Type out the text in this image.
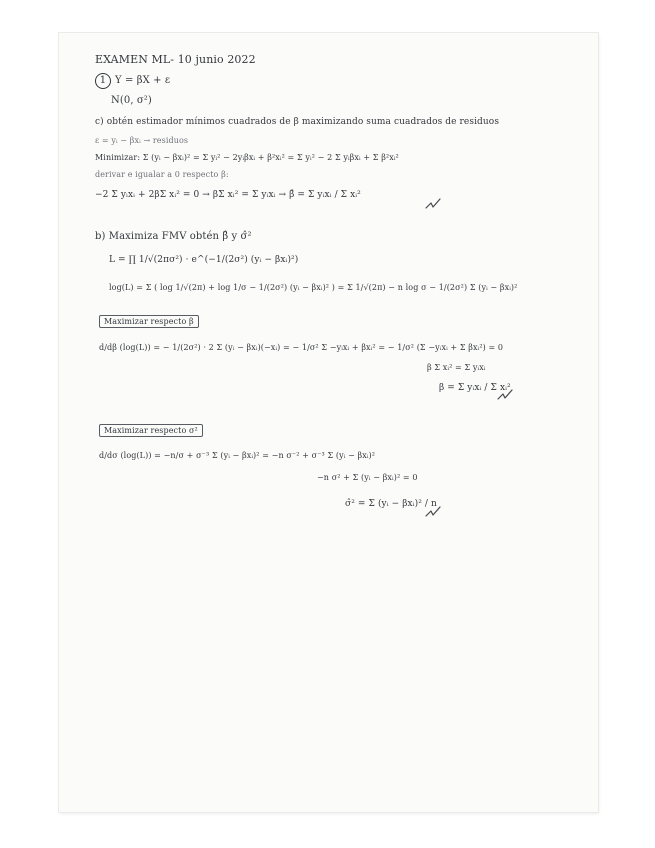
EXAMEN ML- 10 junio 2022
1 Y = βX + ε
N(0, σ²)
c) obtén estimador mínimos cuadrados de β maximizando suma cuadrados de residuos
ε = yᵢ − βxᵢ → residuos
Minimizar: Σ (yᵢ − βxᵢ)² = Σ yᵢ² − 2yᵢβxᵢ + β²xᵢ² = Σ yᵢ² − 2 Σ yᵢβxᵢ + Σ β²xᵢ²
derivar e igualar a 0 respecto β:
−2 Σ yᵢxᵢ + 2βΣ xᵢ² = 0 → βΣ xᵢ² = Σ yᵢxᵢ → β̂ = Σ yᵢxᵢ / Σ xᵢ²
b) Maximiza FMV obtén β̂ y σ̂²
L = ∏ 1/√(2πσ²) · e^(−1/(2σ²) (yᵢ − βxᵢ)²)
log(L) = Σ ( log 1/√(2π) + log 1/σ − 1/(2σ²) (yᵢ − βxᵢ)² ) = Σ 1/√(2π) − n log σ − 1/(2σ²) Σ (yᵢ − βxᵢ)²
Maximizar respecto β
d/dβ (log(L)) = − 1/(2σ²) · 2 Σ (yᵢ − βxᵢ)(−xᵢ) = − 1/σ² Σ −yᵢxᵢ + βxᵢ² = − 1/σ² (Σ −yᵢxᵢ + Σ βxᵢ²) = 0
β Σ xᵢ² = Σ yᵢxᵢ
β = Σ yᵢxᵢ / Σ xᵢ²
Maximizar respecto σ²
d/dσ (log(L)) = −n/σ + σ⁻³ Σ (yᵢ − βxᵢ)² = −n σ⁻² + σ⁻³ Σ (yᵢ − βxᵢ)²
−n σ² + Σ (yᵢ − βxᵢ)² = 0
σ̂² = Σ (yᵢ − βxᵢ)² / n
